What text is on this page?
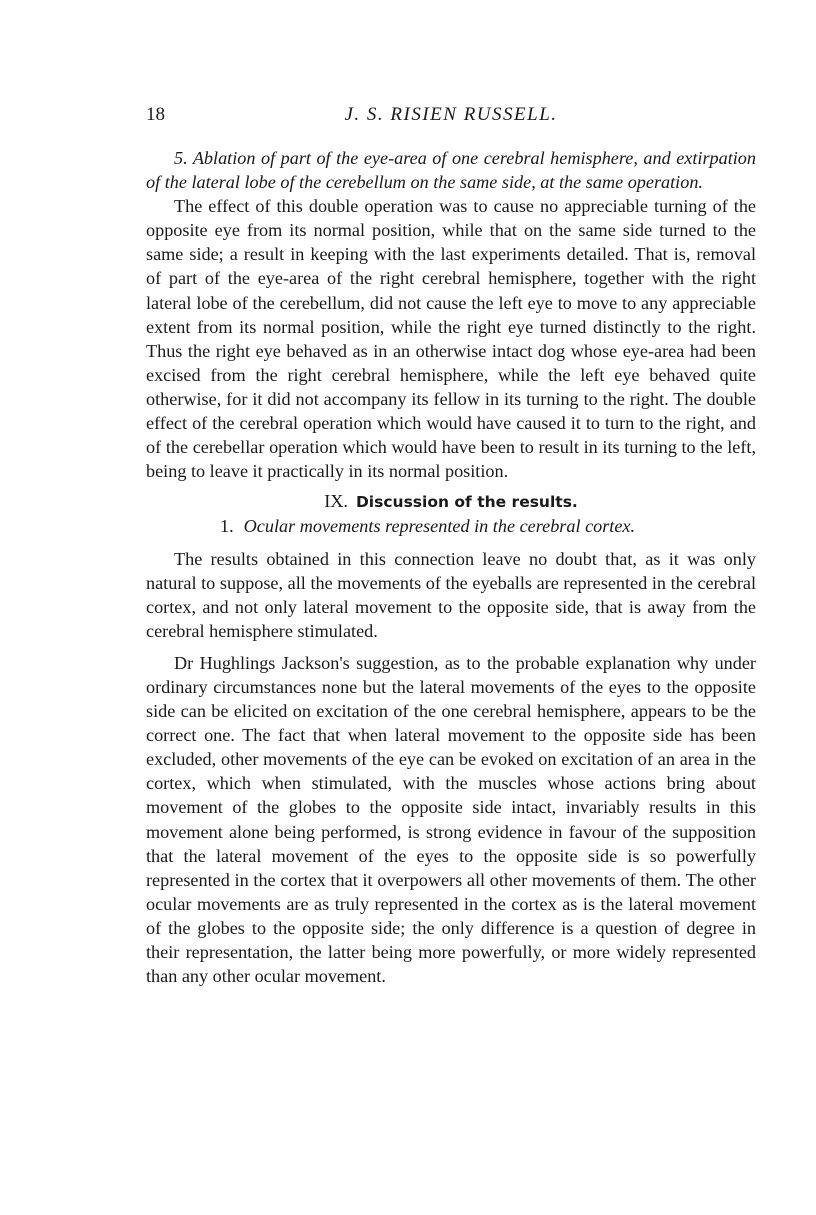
18	J. S. RISIEN RUSSELL.

5. Ablation of part of the eye-area of one cerebral hemisphere, and extirpation of the lateral lobe of the cerebellum on the same side, at the same operation.

The effect of this double operation was to cause no appreciable turning of the opposite eye from its normal position, while that on the same side turned to the same side; a result in keeping with the last experiments detailed. That is, removal of part of the eye-area of the right cerebral hemisphere, together with the right lateral lobe of the cerebellum, did not cause the left eye to move to any appreciable extent from its normal position, while the right eye turned distinctly to the right. Thus the right eye behaved as in an otherwise intact dog whose eye-area had been excised from the right cerebral hemisphere, while the left eye behaved quite otherwise, for it did not accompany its fellow in its turning to the right. The double effect of the cerebral operation which would have caused it to turn to the right, and of the cerebellar operation which would have been to result in its turning to the left, being to leave it practically in its normal position.

IX. Discussion of the results.
1. Ocular movements represented in the cerebral cortex.

The results obtained in this connection leave no doubt that, as it was only natural to suppose, all the movements of the eyeballs are represented in the cerebral cortex, and not only lateral movement to the opposite side, that is away from the cerebral hemisphere stimulated.

Dr Hughlings Jackson's suggestion, as to the probable explanation why under ordinary circumstances none but the lateral movements of the eyes to the opposite side can be elicited on excitation of the one cerebral hemisphere, appears to be the correct one. The fact that when lateral movement to the opposite side has been excluded, other movements of the eye can be evoked on excitation of an area in the cortex, which when stimulated, with the muscles whose actions bring about movement of the globes to the opposite side intact, invariably results in this movement alone being performed, is strong evidence in favour of the supposition that the lateral movement of the eyes to the opposite side is so powerfully represented in the cortex that it overpowers all other movements of them. The other ocular movements are as truly represented in the cortex as is the lateral movement of the globes to the opposite side; the only difference is a question of degree in their representation, the latter being more powerfully, or more widely represented than any other ocular movement.
